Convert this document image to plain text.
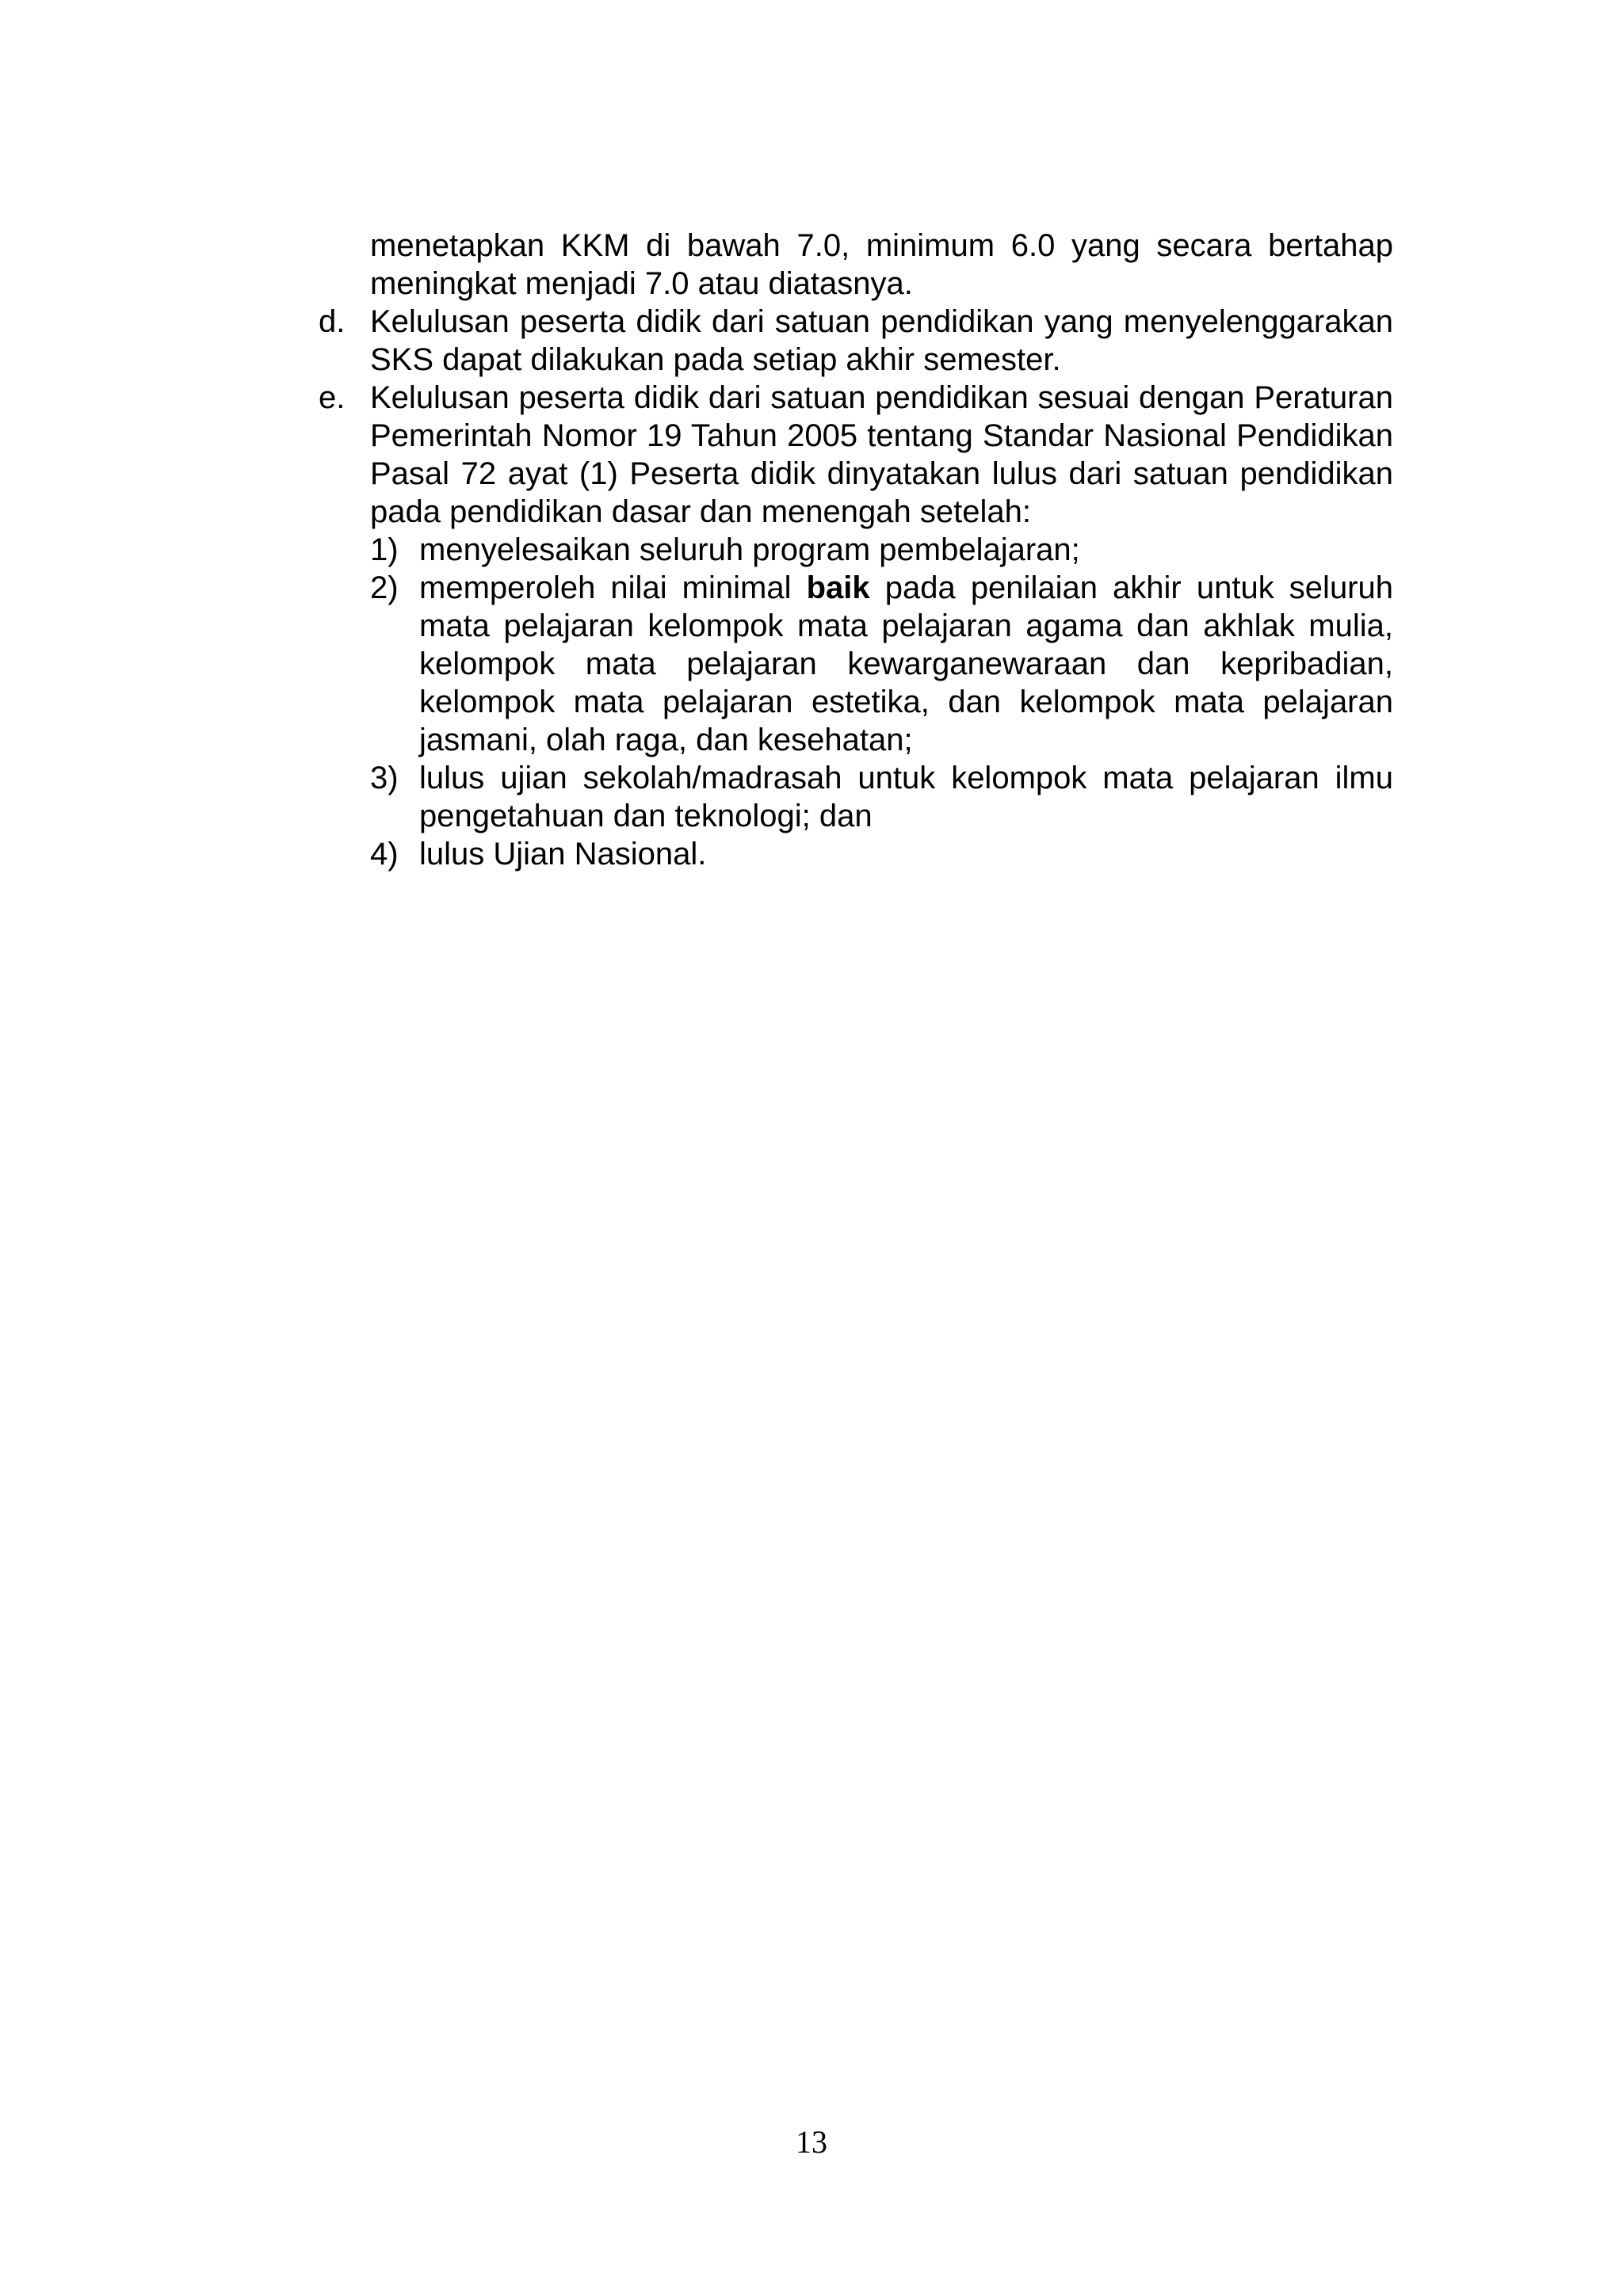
menetapkan KKM di bawah 7.0, minimum 6.0 yang secara bertahap meningkat menjadi 7.0 atau diatasnya.

d. Kelulusan peserta didik dari satuan pendidikan yang menyelenggarakan SKS dapat dilakukan pada setiap akhir semester.
e. Kelulusan peserta didik dari satuan pendidikan sesuai dengan Peraturan Pemerintah Nomor 19 Tahun 2005 tentang Standar Nasional Pendidikan Pasal 72 ayat (1) Peserta didik dinyatakan lulus dari satuan pendidikan pada pendidikan dasar dan menengah setelah:
1) menyelesaikan seluruh program pembelajaran;
2) memperoleh nilai minimal baik pada penilaian akhir untuk seluruh mata pelajaran kelompok mata pelajaran agama dan akhlak mulia, kelompok mata pelajaran kewarganewaraan dan kepribadian, kelompok mata pelajaran estetika, dan kelompok mata pelajaran jasmani, olah raga, dan kesehatan;
3) lulus ujian sekolah/madrasah untuk kelompok mata pelajaran ilmu pengetahuan dan teknologi; dan
4) lulus Ujian Nasional.
13
